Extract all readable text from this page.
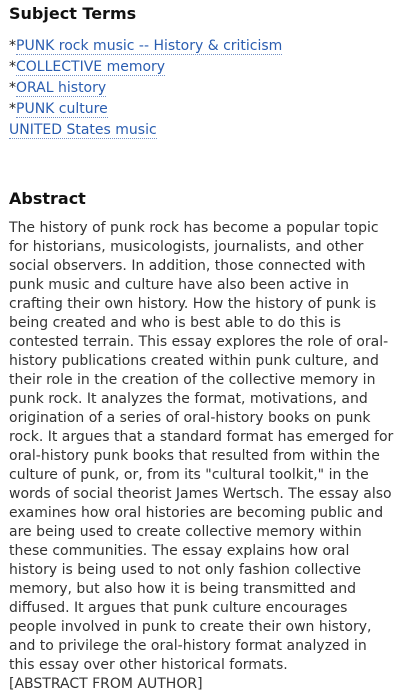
Subject Terms
*PUNK rock music -- History & criticism
*COLLECTIVE memory
*ORAL history
*PUNK culture
UNITED States music
Abstract

The history of punk rock has become a popular topic for historians, musicologists, journalists, and other social observers. In addition, those connected with punk music and culture have also been active in crafting their own history. How the history of punk is being created and who is best able to do this is contested terrain. This essay explores the role of oral-history publications created within punk culture, and their role in the creation of the collective memory in punk rock. It analyzes the format, motivations, and origination of a series of oral-history books on punk rock. It argues that a standard format has emerged for oral-history punk books that resulted from within the culture of punk, or, from its "cultural toolkit," in the words of social theorist James Wertsch. The essay also examines how oral histories are becoming public and are being used to create collective memory within these communities. The essay explains how oral history is being used to not only fashion collective memory, but also how it is being transmitted and diffused. It argues that punk culture encourages people involved in punk to create their own history, and to privilege the oral-history format analyzed in this essay over other historical formats.
[ABSTRACT FROM AUTHOR]
